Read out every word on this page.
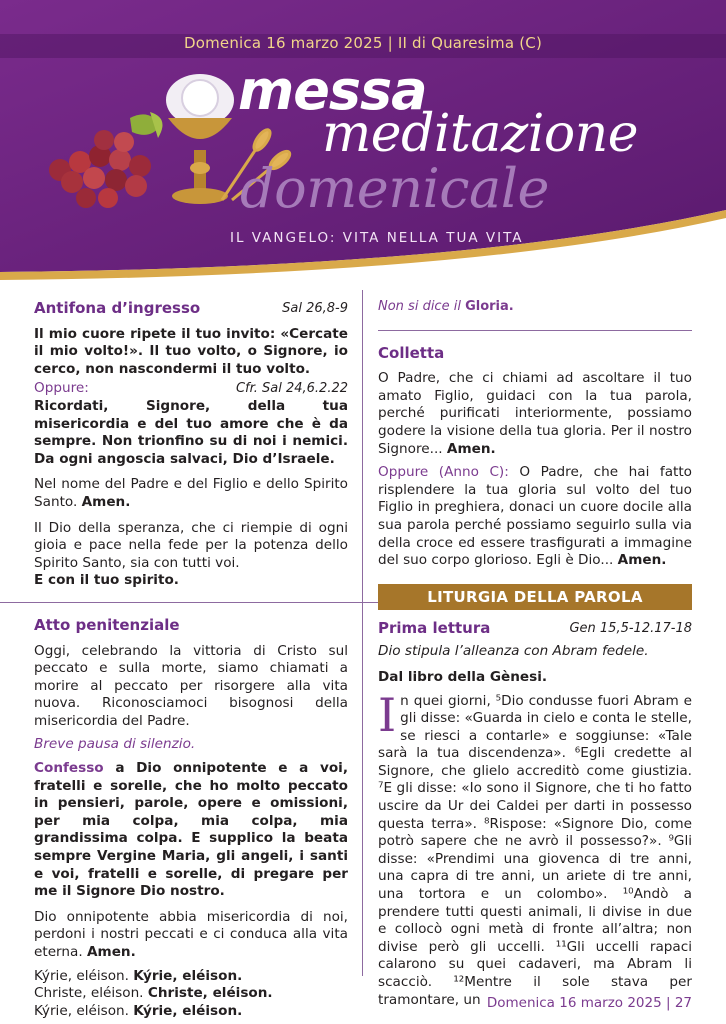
Domenica 16 marzo 2025 | II di Quaresima (C)
messa
meditazione
domenicale
IL VANGELO: VITA NELLA TUA VITA
Antifona d’ingresso	Sal 26,8-9

Il mio cuore ripete il tuo invito: «Cercate il mio volto!». Il tuo volto, o Signore, io cerco, non nascondermi il tuo volto.

Oppure:	Cfr. Sal 24,6.2.22

Ricordati, Signore, della tua misericordia e del tuo amore che è da sempre. Non trionfino su di noi i nemici. Da ogni angoscia salvaci, Dio d’Israele.

Nel nome del Padre e del Figlio e dello Spirito Santo. Amen.

Il Dio della speranza, che ci riempie di ogni gioia e pace nella fede per la potenza dello Spirito Santo, sia con tutti voi.

E con il tuo spirito.

Atto penitenziale

Oggi, celebrando la vittoria di Cristo sul peccato e sulla morte, siamo chiamati a morire al peccato per risorgere alla vita nuova. Riconosciamoci bisognosi della misericordia del Padre.

Breve pausa di silenzio.

Confesso a Dio onnipotente e a voi, fratelli e sorelle, che ho molto peccato in pensieri, parole, opere e omissioni, per mia colpa, mia colpa, mia grandissima colpa. E supplico la beata sempre Vergine Maria, gli angeli, i santi e voi, fratelli e sorelle, di pregare per me il Signore Dio nostro.

Dio onnipotente abbia misericordia di noi, perdoni i nostri peccati e ci conduca alla vita eterna. Amen.

Kýrie, eléison. Kýrie, eléison.

Christe, eléison. Christe, eléison.

Kýrie, eléison. Kýrie, eléison.

Non si dice il Gloria.

Colletta

O Padre, che ci chiami ad ascoltare il tuo amato Figlio, guidaci con la tua parola, perché purificati interiormente, possiamo godere la visione della tua gloria. Per il nostro Signore... Amen.

Oppure (Anno C): O Padre, che hai fatto risplendere la tua gloria sul volto del tuo Figlio in preghiera, donaci un cuore docile alla sua parola perché possiamo seguirlo sulla via della croce ed essere trasfigurati a immagine del suo corpo glorioso. Egli è Dio... Amen.

LITURGIA DELLA PAROLA
Prima lettura	Gen 15,5-12.17-18

Dio stipula l’alleanza con Abram fedele.

Dal libro della Gènesi.

In quei giorni, ⁵Dio condusse fuori Abram e gli disse: «Guarda in cielo e conta le stelle, se riesci a contarle» e soggiunse: «Tale sarà la tua discendenza». ⁶Egli credette al Signore, che glielo accreditò come giustizia. ⁷E gli disse: «Io sono il Signore, che ti ho fatto uscire da Ur dei Caldei per darti in possesso questa terra». ⁸Rispose: «Signore Dio, come potrò sapere che ne avrò il possesso?». ⁹Gli disse: «Prendimi una giovenca di tre anni, una capra di tre anni, un ariete di tre anni, una tortora e un colombo». ¹⁰Andò a prendere tutti questi animali, li divise in due e collocò ogni metà di fronte all’altra; non divise però gli uccelli. ¹¹Gli uccelli rapaci calarono su quei cadaveri, ma Abram li scacciò. ¹²Mentre il sole stava per tramontare, un Domenica 16 marzo 2025 | 27
